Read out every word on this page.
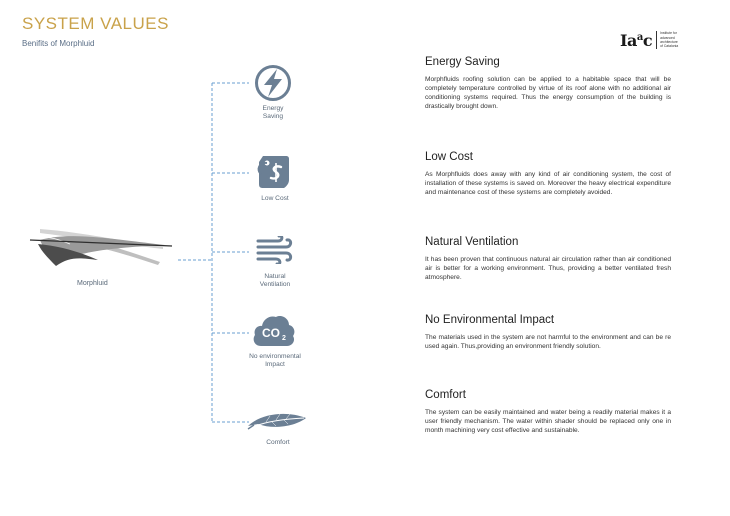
SYSTEM VALUES
Benifits of Morphluid	Ia$^a$c Institute for
advanced
architecture
of Catalonia
Morphluid
Energy
Saving
Low Cost
Natural
Ventilation
CO 2
No environmental
Impact
Comfort
Energy Saving

Morphfluids roofing solution can be applied to a habitable space that will be completely temperature controlled by virtue of its roof alone with no additional air conditioning systems required. Thus the energy consumption of the building is drastically brought down.

Low Cost

As Morphfluids does away with any kind of air conditioning system, the cost of installation of these systems is saved on. Moreover the heavy electrical expenditure and maintenance cost of these systems are completely avoided.

Natural Ventilation

It has been proven that continuous natural air circulation rather than air conditioned air is better for a working environment. Thus, providing a better ventilated fresh atmosphere.

No Environmental Impact

The materials used in the system are not harmful to the environment and can be re used again. Thus,providing an environment friendly solution.

Comfort

The system can be easily maintained and water being a readily material makes it a user friendly mechanism. The water within shader should be replaced only one in month machining very cost effective and sustainable.
